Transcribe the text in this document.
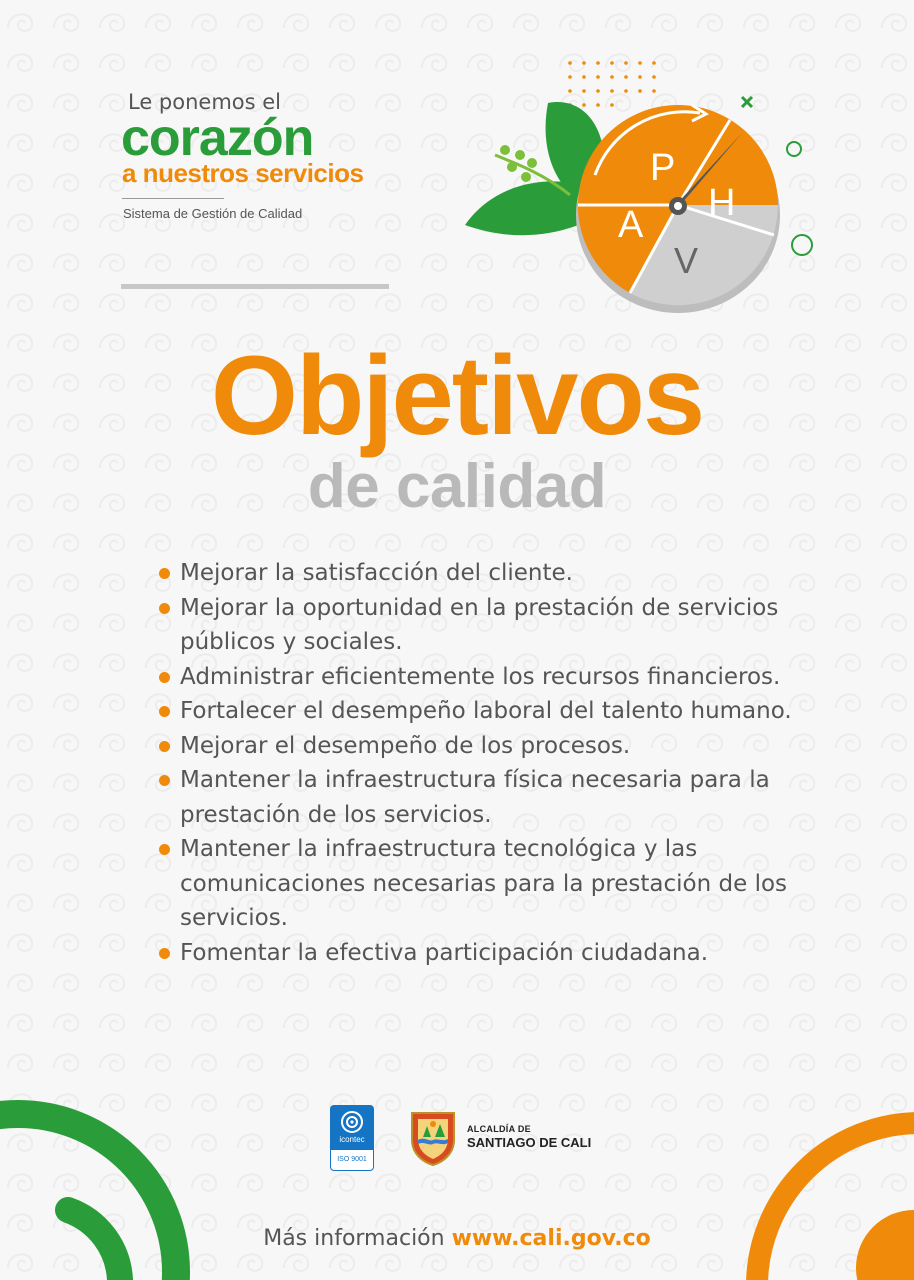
Le ponemos el
corazón
a nuestros servicios
Sistema de Gestión de Calidad
P
H
V
A
Objetivos
de calidad
Mejorar la satisfacción del cliente.
Mejorar la oportunidad en la prestación de servicios públicos y sociales.
Administrar eficientemente los recursos financieros.
Fortalecer el desempeño laboral del talento humano.
Mejorar el desempeño de los procesos.
Mantener la infraestructura física necesaria para la prestación de los servicios.
Mantener la infraestructura tecnológica y las comunicaciones necesarias para la prestación de los servicios.
Fomentar la efectiva participación ciudadana.
icontec
ISO 9001
ALCALDÍA DE
SANTIAGO DE CALI
Más información www.cali.gov.co
